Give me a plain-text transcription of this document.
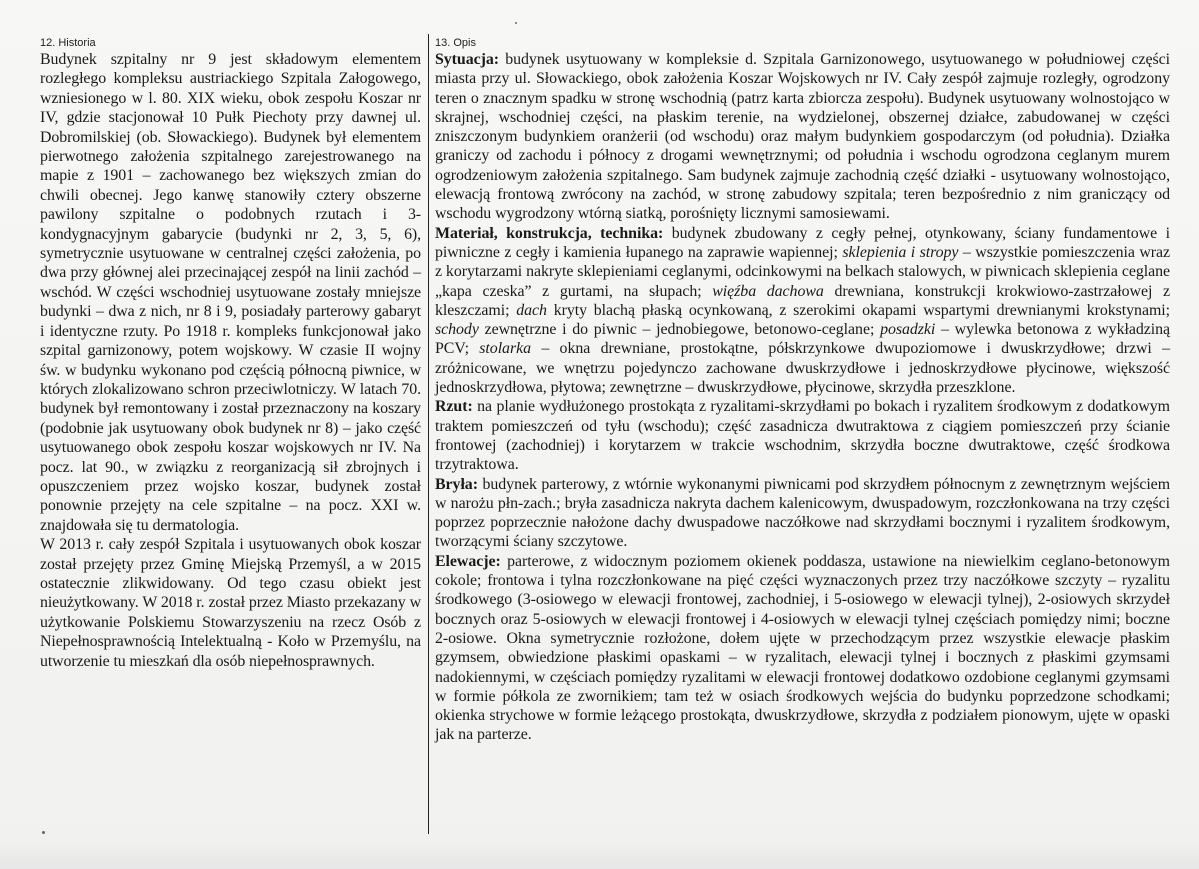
12. Historia

Budynek szpitalny nr 9 jest składowym elementem rozległego kompleksu austriackiego Szpitala Załogowego, wzniesionego w l. 80. XIX wieku, obok zespołu Koszar nr IV, gdzie stacjonował 10 Pułk Piechoty przy dawnej ul. Dobromilskiej (ob. Słowackiego). Budynek był elementem pierwotnego założenia szpitalnego zarejestrowanego na mapie z 1901 – zachowanego bez większych zmian do chwili obecnej. Jego kanwę stanowiły cztery obszerne pawilony szpitalne o podobnych rzutach i 3-kondygnacyjnym gabarycie (budynki nr 2, 3, 5, 6), symetrycznie usytuowane w centralnej części założenia, po dwa przy głównej alei przecinającej zespół na linii zachód –wschód. W części wschodniej usytuowane zostały mniejsze budynki – dwa z nich, nr 8 i 9, posiadały parterowy gabaryt i identyczne rzuty. Po 1918 r. kompleks funkcjonował jako szpital garnizonowy, potem wojskowy. W czasie II wojny św. w budynku wykonano pod częścią północną piwnice, w których zlokalizowano schron przeciwlotniczy. W latach 70. budynek był remontowany i został przeznaczony na koszary (podobnie jak usytuowany obok budynek nr 8) – jako część usytuowanego obok zespołu koszar wojskowych nr IV. Na pocz. lat 90., w związku z reorganizacją sił zbrojnych i opuszczeniem przez wojsko koszar, budynek został ponownie przejęty na cele szpitalne – na pocz. XXI w. znajdowała się tu dermatologia.

W 2013 r. cały zespół Szpitala i usytuowanych obok koszar został przejęty przez Gminę Miejską Przemyśl, a w 2015 ostatecznie zlikwidowany. Od tego czasu obiekt jest nieużytkowany. W 2018 r. został przez Miasto przekazany w użytkowanie Polskiemu Stowarzyszeniu na rzecz Osób z Niepełnosprawnością Intelektualną - Koło w Przemyślu, na utworzenie tu mieszkań dla osób niepełnosprawnych.

13. Opis

Sytuacja: budynek usytuowany w kompleksie d. Szpitala Garnizonowego, usytuowanego w południowej części miasta przy ul. Słowackiego, obok założenia Koszar Wojskowych nr IV. Cały zespół zajmuje rozległy, ogrodzony teren o znacznym spadku w stronę wschodnią (patrz karta zbiorcza zespołu). Budynek usytuowany wolnostojąco w skrajnej, wschodniej części, na płaskim terenie, na wydzielonej, obszernej działce, zabudowanej w części zniszczonym budynkiem oranżerii (od wschodu) oraz małym budynkiem gospodarczym (od południa). Działka graniczy od zachodu i północy z drogami wewnętrznymi; od południa i wschodu ogrodzona ceglanym murem ogrodzeniowym założenia szpitalnego. Sam budynek zajmuje zachodnią część działki - usytuowany wolnostojąco, elewacją frontową zwrócony na zachód, w stronę zabudowy szpitala; teren bezpośrednio z nim graniczący od wschodu wygrodzony wtórną siatką, porośnięty licznymi samosiewami.

Materiał, konstrukcja, technika: budynek zbudowany z cegły pełnej, otynkowany, ściany fundamentowe i piwniczne z cegły i kamienia łupanego na zaprawie wapiennej; sklepienia i stropy – wszystkie pomieszczenia wraz z korytarzami nakryte sklepieniami ceglanymi, odcinkowymi na belkach stalowych, w piwnicach sklepienia ceglane „kapa czeska” z gurtami, na słupach; więźba dachowa drewniana, konstrukcji krokwiowo-zastrzałowej z kleszczami; dach kryty blachą płaską ocynkowaną, z szerokimi okapami wspartymi drewnianymi krokstynami; schody zewnętrzne i do piwnic – jednobiegowe, betonowo-ceglane; posadzki – wylewka betonowa z wykładziną PCV; stolarka – okna drewniane, prostokątne, półskrzynkowe dwupoziomowe i dwuskrzydłowe; drzwi – zróżnicowane, we wnętrzu pojedynczo zachowane dwuskrzydłowe i jednoskrzydłowe płycinowe, większość jednoskrzydłowa, płytowa; zewnętrzne – dwuskrzydłowe, płycinowe, skrzydła przeszklone.

Rzut: na planie wydłużonego prostokąta z ryzalitami-skrzydłami po bokach i ryzalitem środkowym z dodatkowym traktem pomieszczeń od tyłu (wschodu); część zasadnicza dwutraktowa z ciągiem pomieszczeń przy ścianie frontowej (zachodniej) i korytarzem w trakcie wschodnim, skrzydła boczne dwutraktowe, część środkowa trzytraktowa.

Bryła: budynek parterowy, z wtórnie wykonanymi piwnicami pod skrzydłem północnym z zewnętrznym wejściem w narożu płn-zach.; bryła zasadnicza nakryta dachem kalenicowym, dwuspadowym, rozczłonkowana na trzy części poprzez poprzecznie nałożone dachy dwuspadowe naczółkowe nad skrzydłami bocznymi i ryzalitem środkowym, tworzącymi ściany szczytowe.

Elewacje: parterowe, z widocznym poziomem okienek poddasza, ustawione na niewielkim ceglano-betonowym cokole; frontowa i tylna rozczłonkowane na pięć części wyznaczonych przez trzy naczółkowe szczyty – ryzalitu środkowego (3-osiowego w elewacji frontowej, zachodniej, i 5-osiowego w elewacji tylnej), 2-osiowych skrzydeł bocznych oraz 5-osiowych w elewacji frontowej i 4-osiowych w elewacji tylnej częściach pomiędzy nimi; boczne 2-osiowe. Okna symetrycznie rozłożone, dołem ujęte w przechodzącym przez wszystkie elewacje płaskim gzymsem, obwiedzione płaskimi opaskami – w ryzalitach, elewacji tylnej i bocznych z płaskimi gzymsami nadokiennymi, w częściach pomiędzy ryzalitami w elewacji frontowej dodatkowo ozdobione ceglanymi gzymsami w formie półkola ze zwornikiem; tam też w osiach środkowych wejścia do budynku poprzedzone schodkami; okienka strychowe w formie leżącego prostokąta, dwuskrzydłowe, skrzydła z podziałem pionowym, ujęte w opaski jak na parterze.
